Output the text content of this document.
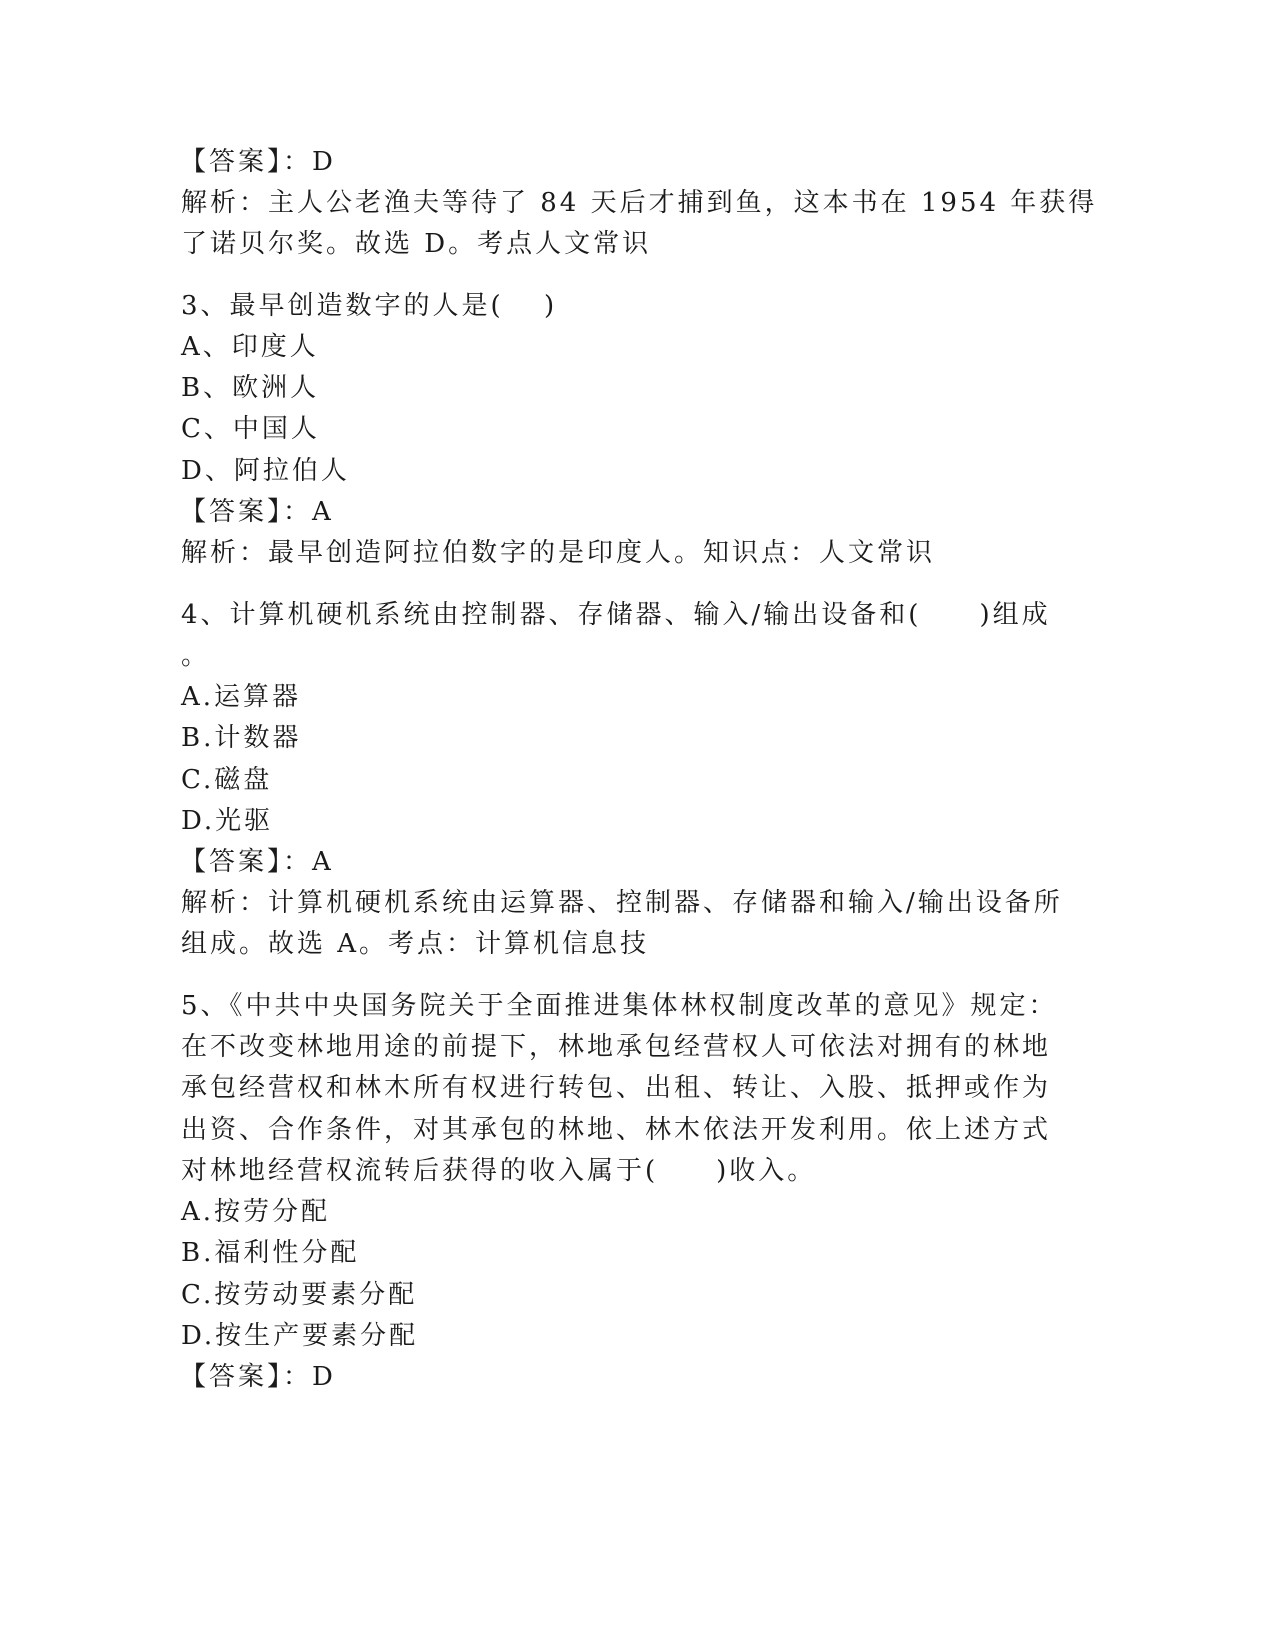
【答案】：D
解析：主人公老渔夫等待了 84 天后才捕到鱼，这本书在 1954 年获得
了诺贝尔奖。故选 D。考点人文常识
3、最早创造数字的人是(　 )
A、印度人
B、欧洲人
C、中国人
D、阿拉伯人
【答案】：A
解析：最早创造阿拉伯数字的是印度人。知识点：人文常识
4、计算机硬机系统由控制器、存储器、输入/输出设备和(　　)组成
。
A.运算器
B.计数器
C.磁盘
D.光驱
【答案】：A
解析：计算机硬机系统由运算器、控制器、存储器和输入/输出设备所
组成。故选 A。考点：计算机信息技
5、《中共中央国务院关于全面推进集体林权制度改革的意见》规定：
在不改变林地用途的前提下，林地承包经营权人可依法对拥有的林地
承包经营权和林木所有权进行转包、出租、转让、入股、抵押或作为
出资、合作条件，对其承包的林地、林木依法开发利用。依上述方式
对林地经营权流转后获得的收入属于(　　)收入。
A.按劳分配
B.福利性分配
C.按劳动要素分配
D.按生产要素分配
【答案】：D
